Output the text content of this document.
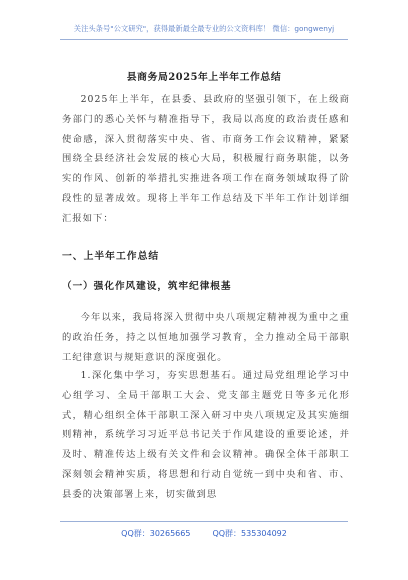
关注头条号"公文研究"，获得最新最全最专业的公文资料库！ 微信：gongwenyj
县商务局2025年上半年工作总结
2025年上半年，在县委、县政府的坚强引领下，在上级商务部门的悉心关怀与精准指导下，我局以高度的政治责任感和使命感，深入贯彻落实中央、省、市商务工作会议精神，紧紧围绕全县经济社会发展的核心大局，积极履行商务职能，以务实的作风、创新的举措扎实推进各项工作在商务领域取得了阶段性的显著成效。现将上半年工作总结及下半年工作计划详细汇报如下：
一、上半年工作总结
（一）强化作风建设，筑牢纪律根基
今年以来，我局将深入贯彻中央八项规定精神视为重中之重的政治任务，持之以恒地加强学习教育，全力推动全局干部职工纪律意识与规矩意识的深度强化。
1.深化集中学习，夯实思想基石。通过局党组理论学习中心组学习、全局干部职工大会、党支部主题党日等多元化形式，精心组织全体干部职工深入研习中央八项规定及其实施细则精神，系统学习习近平总书记关于作风建设的重要论述，并及时、精准传达上级有关文件和会议精神。确保全体干部职工深刻领会精神实质，将思想和行动自觉统一到中央和省、市、县委的决策部署上来，切实做到思
QQ群：30265665	QQ群：535304092
